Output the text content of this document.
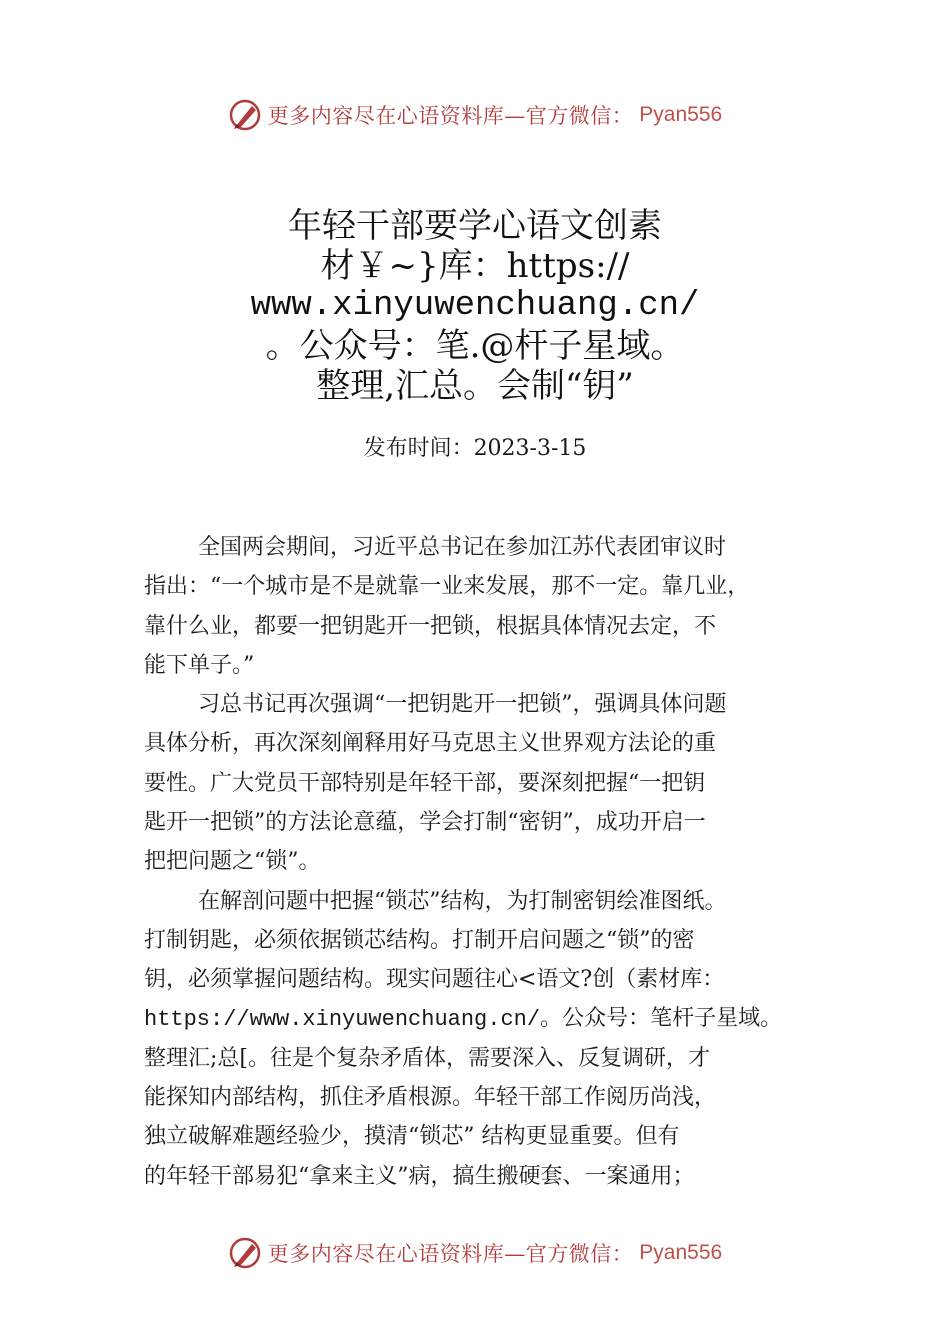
更多内容尽在心语资料库—官方微信： Pyan556
年轻干部要学心语文创素
材￥~}库：https://
www.xinyuwenchuang.cn/
。公众号：笔.@杆子星域。
整理,汇总。会制“钥”
发布时间：2023-3-15
全国两会期间，习近平总书记在参加江苏代表团审议时
指出：“一个城市是不是就靠一业来发展，那不一定。靠几业，
靠什么业，都要一把钥匙开一把锁，根据具体情况去定，不
能下单子。”
习总书记再次强调“一把钥匙开一把锁”，强调具体问题
具体分析，再次深刻阐释用好马克思主义世界观方法论的重
要性。广大党员干部特别是年轻干部，要深刻把握“一把钥
匙开一把锁”的方法论意蕴，学会打制“密钥”，成功开启一
把把问题之“锁”。
在解剖问题中把握“锁芯”结构，为打制密钥绘准图纸。
打制钥匙，必须依据锁芯结构。打制开启问题之“锁”的密
钥，必须掌握问题结构。现实问题往心<语文?创（素材库：
https://www.xinyuwenchuang.cn/。公众号：笔杆子星域。
整理汇;总[。往是个复杂矛盾体，需要深入、反复调研，才
能探知内部结构，抓住矛盾根源。年轻干部工作阅历尚浅，
独立破解难题经验少，摸清“锁芯” 结构更显重要。但有
的年轻干部易犯“拿来主义”病，搞生搬硬套、一案通用；
更多内容尽在心语资料库—官方微信： Pyan556
